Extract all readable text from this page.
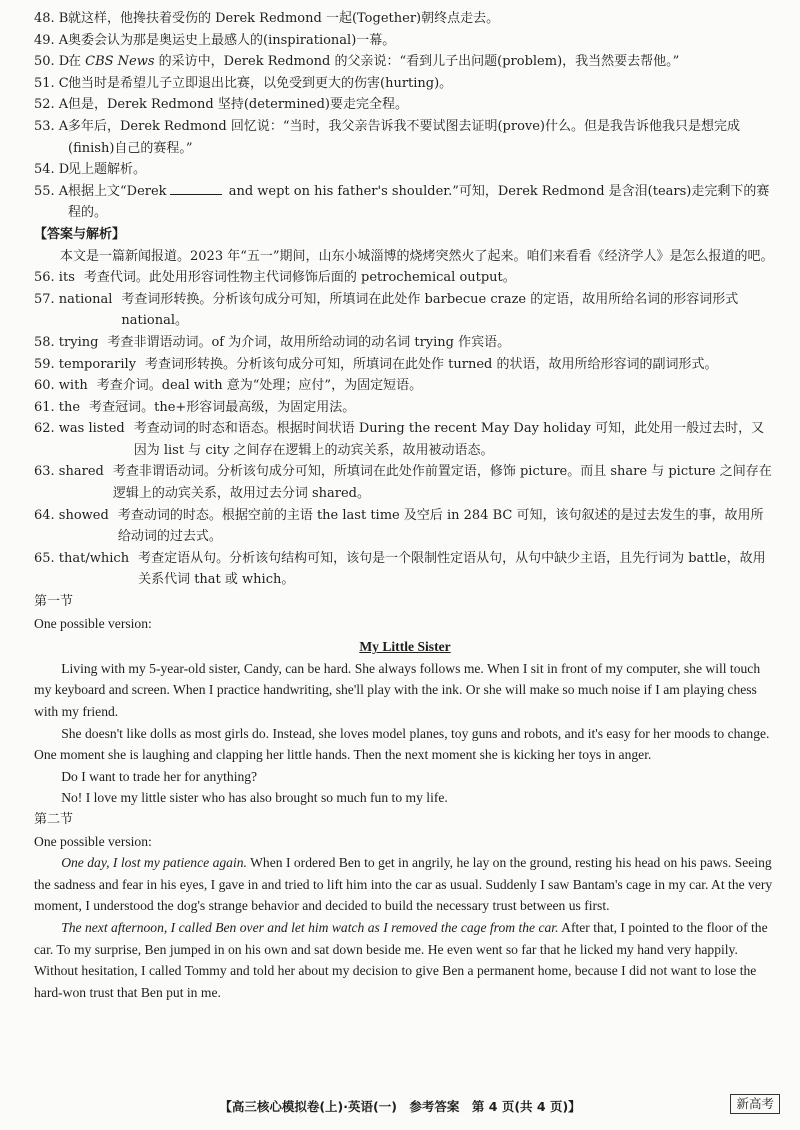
48. B 就这样，他搀扶着受伤的 Derek Redmond 一起(Together)朝终点走去。
49. A 奥委会认为那是奥运史上最感人的(inspirational)一幕。
50. D
在 CBS News 的采访中，Derek Redmond 的父亲说：“看到儿子出问题(problem)，我当然要去帮他。”
51. C 他当时是希望儿子立即退出比赛，以免受到更大的伤害(hurting)。
52. A 但是，Derek Redmond 坚持(determined)要走完全程。
53. A 多年后，Derek Redmond 回忆说：“当时，我父亲告诉我不要试图去证明(prove)什么。但是我告诉他我只是想完成(finish)自己的赛程。”
54. D
见上题解析。
55. A 根据上文“Derek	and wept on his father's shoulder.”可知，Derek Redmond 是含泪(tears)走完剩下的赛程的。
【答案与解析】
本文是一篇新闻报道。2023 年“五一”期间，山东小城淄博的烧烤突然火了起来。咱们来看看《经济学人》是怎么报道的吧。
56. its 考查代词。此处用形容词性物主代词修饰后面的 petrochemical output。
57. national 考查词形转换。分析该句成分可知，所填词在此处作 barbecue craze 的定语，故用所给名词的形容词形式 national。
58. trying 考查非谓语动词。of 为介词，故用所给动词的动名词 trying 作宾语。
59. temporarily 考查词形转换。分析该句成分可知，所填词在此处作 turned 的状语，故用所给形容词的副词形式。
60. with 考查介词。deal with 意为“处理；应付”，为固定短语。
61. the 考查冠词。the+形容词最高级，为固定用法。
62. was listed 考查动词的时态和语态。根据时间状语 During the recent May Day holiday 可知，此处用一般过去时，又因为 list 与 city 之间存在逻辑上的动宾关系，故用被动语态。
63. shared 考查非谓语动词。分析该句成分可知，所填词在此处作前置定语，修饰 picture。而且 share 与 picture 之间存在逻辑上的动宾关系，故用过去分词 shared。
64. showed 考查动词的时态。根据空前的主语 the last time 及空后 in 284 BC 可知，该句叙述的是过去发生的事，故用所给动词的过去式。
65. that/which 考查定语从句。分析该句结构可知，该句是一个限制性定语从句，从句中缺少主语，且先行词为 battle，故用关系代词 that 或 which。
第一节
One possible version:
My Little Sister
Living with my 5-year-old sister, Candy, can be hard. She always follows me. When I sit in front of my computer, she will touch my keyboard and screen. When I practice handwriting, she'll play with the ink. Or she will make so much noise if I am playing chess with my friend.
She doesn't like dolls as most girls do. Instead, she loves model planes, toy guns and robots, and it's easy for her moods to change. One moment she is laughing and clapping her little hands. Then the next moment she is kicking her toys in anger.
Do I want to trade her for anything?
No! I love my little sister who has also brought so much fun to my life.
第二节
One possible version:
One day, I lost my patience again. When I ordered Ben to get in angrily, he lay on the ground, resting his head on his paws. Seeing the sadness and fear in his eyes, I gave in and tried to lift him into the car as usual. Suddenly I saw Bantam's cage in my car. At the very moment, I understood the dog's strange behavior and decided to build the necessary trust between us first.
The next afternoon, I called Ben over and let him watch as I removed the cage from the car. After that, I pointed to the floor of the car. To my surprise, Ben jumped in on his own and sat down beside me. He even went so far that he licked my hand very happily. Without hesitation, I called Tommy and told her about my decision to give Ben a permanent home, because I did not want to lose the hard-won trust that Ben put in me.
【高三核心模拟卷(上)·英语(一)　参考答案　第 4 页(共 4 页)】	新高考
